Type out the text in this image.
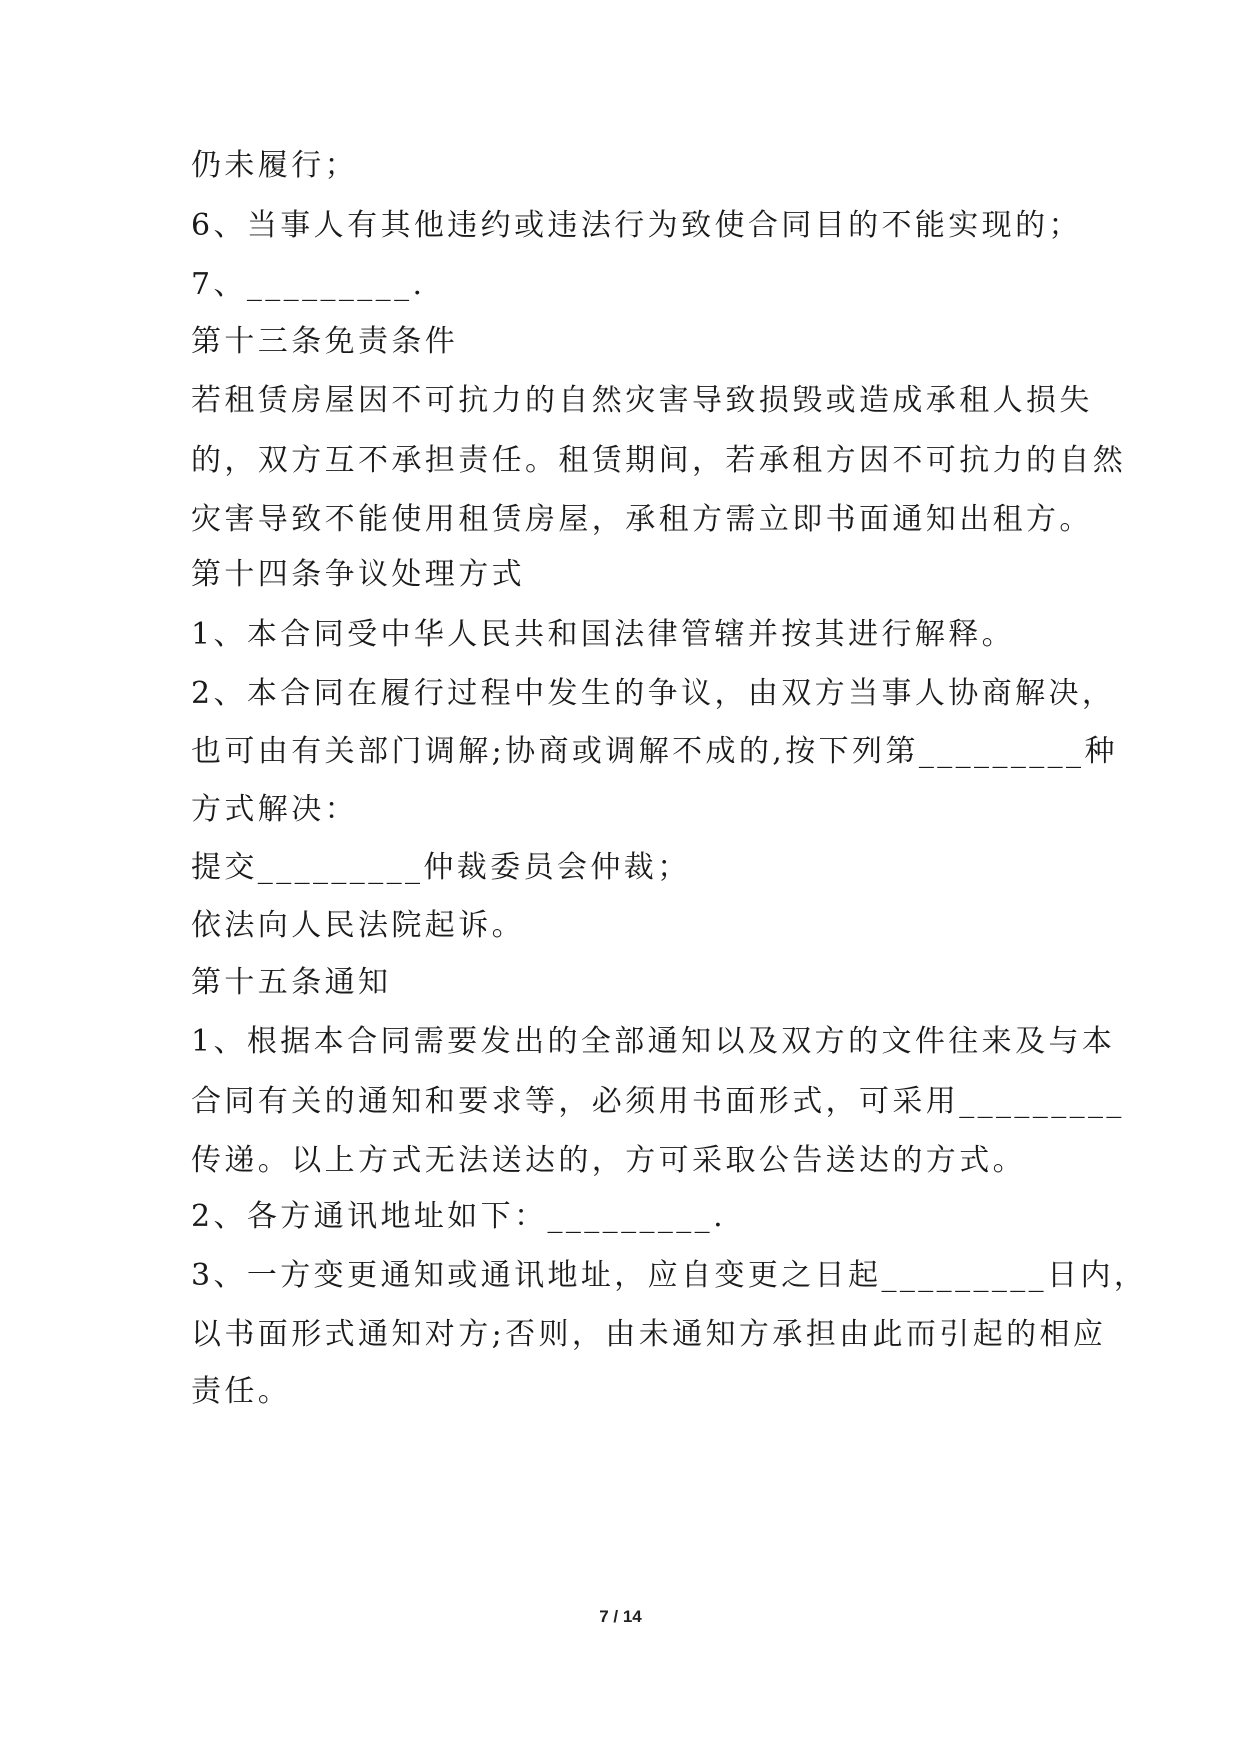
仍未履行；
6、当事人有其他违约或违法行为致使合同目的不能实现的；
7、_________.
第十三条免责条件
若租赁房屋因不可抗力的自然灾害导致损毁或造成承租人损失
的，双方互不承担责任。租赁期间，若承租方因不可抗力的自然
灾害导致不能使用租赁房屋，承租方需立即书面通知出租方。
第十四条争议处理方式
1、本合同受中华人民共和国法律管辖并按其进行解释。
2、本合同在履行过程中发生的争议，由双方当事人协商解决，
也可由有关部门调解;协商或调解不成的,按下列第_________种
方式解决：
提交_________仲裁委员会仲裁；
依法向人民法院起诉。
第十五条通知
1、根据本合同需要发出的全部通知以及双方的文件往来及与本
合同有关的通知和要求等，必须用书面形式，可采用_________
传递。以上方式无法送达的，方可采取公告送达的方式。
2、各方通讯地址如下：_________.
3、一方变更通知或通讯地址，应自变更之日起_________日内，
以书面形式通知对方;否则，由未通知方承担由此而引起的相应
责任。
7 / 14
